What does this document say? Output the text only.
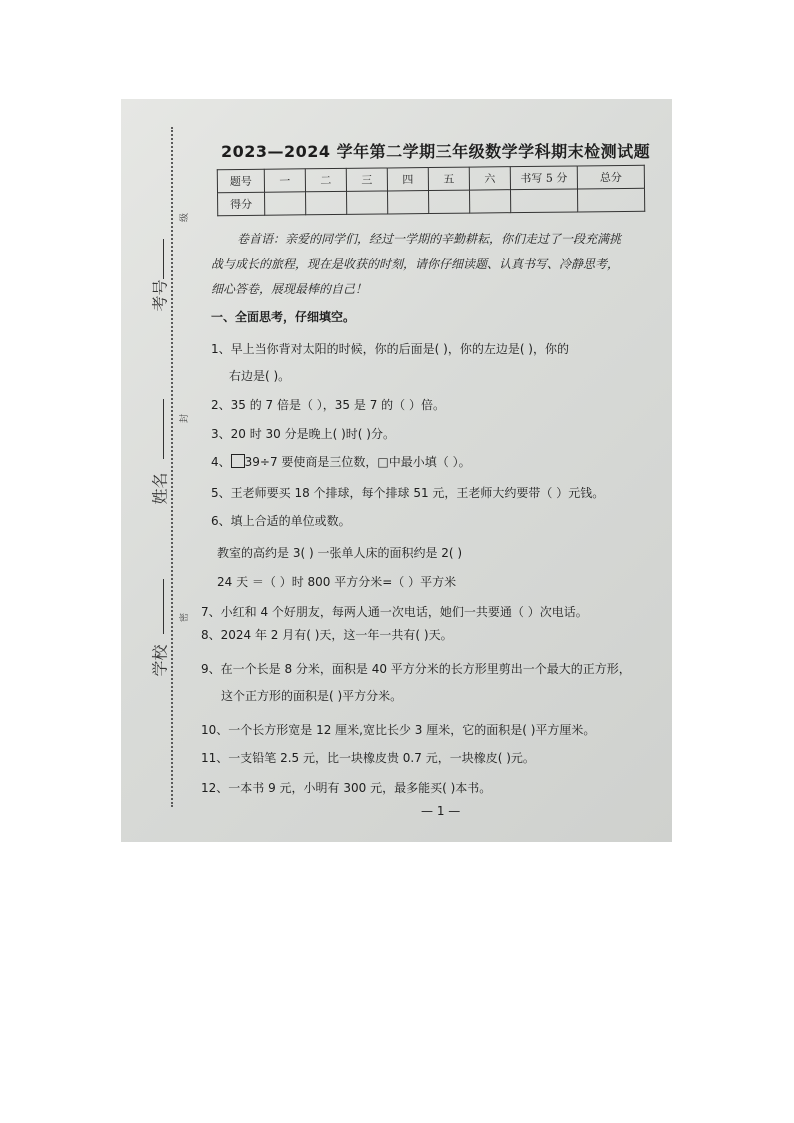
考号
姓名
学校
级
封
密
2023—2024 学年第二学期三年级数学学科期末检测试题
题号	一	二	三	四	五	六	书写 5 分	总分
得分								
卷首语：亲爱的同学们，经过一学期的辛勤耕耘，你们走过了一段充满挑
战与成长的旅程，现在是收获的时刻，请你仔细读题、认真书写、冷静思考，
细心答卷，展现最棒的自己！
一、全面思考，仔细填空。
1、早上当你背对太阳的时候，你的后面是( )，你的左边是( )，你的
右边是( )。
2、35 的 7 倍是（ ），35 是 7 的（ ）倍。
3、20 时 30 分是晚上( )时( )分。
4、 39÷7 要使商是三位数，□中最小填（ ）。
5、王老师要买 18 个排球，每个排球 51 元，王老师大约要带（ ）元钱。
6、填上合适的单位或数。
教室的高约是 3( ) 一张单人床的面积约是 2( )
24 天 ＝（ ）时 800 平方分米=（ ）平方米
7、小红和 4 个好朋友，每两人通一次电话，她们一共要通（ ）次电话。
8、2024 年 2 月有( )天，这一年一共有( )天。
9、在一个长是 8 分米，面积是 40 平方分米的长方形里剪出一个最大的正方形，
这个正方形的面积是( )平方分米。
10、一个长方形宽是 12 厘米,宽比长少 3 厘米，它的面积是( )平方厘米。
11、一支铅笔 2.5 元，比一块橡皮贵 0.7 元，一块橡皮( )元。
12、一本书 9 元，小明有 300 元，最多能买( )本书。
— 1 —
